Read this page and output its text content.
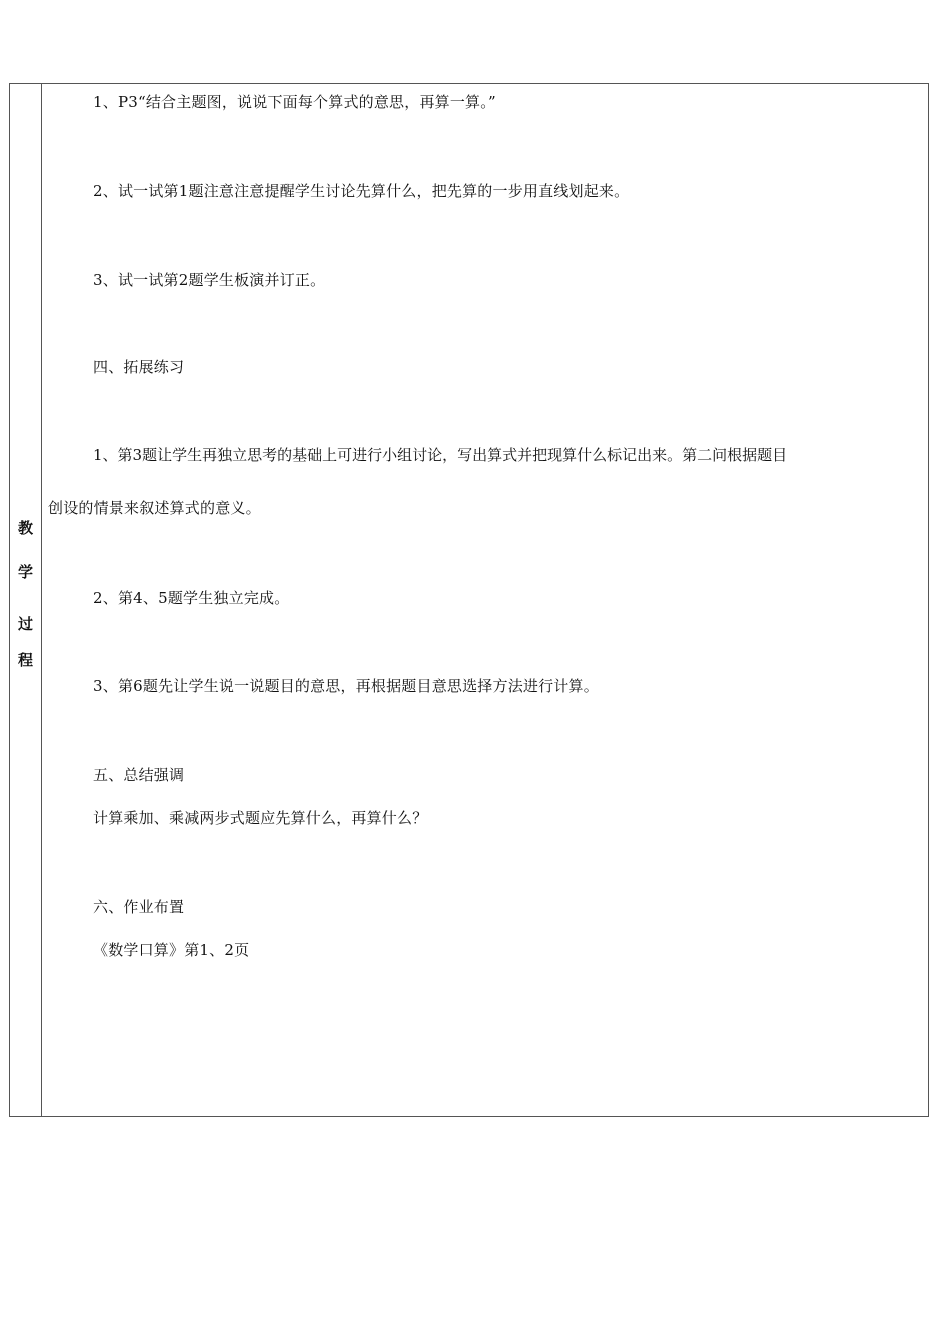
教
学
过
程
1、P3“结合主题图，说说下面每个算式的意思，再算一算。”
2、试一试第1题注意注意提醒学生讨论先算什么，把先算的一步用直线划起来。
3、试一试第2题学生板演并订正。
四、拓展练习
1、第3题让学生再独立思考的基础上可进行小组讨论，写出算式并把现算什么标记出来。第二问根据题目
创设的情景来叙述算式的意义。
2、第4、5题学生独立完成。
3、第6题先让学生说一说题目的意思，再根据题目意思选择方法进行计算。
五、总结强调
计算乘加、乘减两步式题应先算什么，再算什么？
六、作业布置
《数学口算》第1、2页
